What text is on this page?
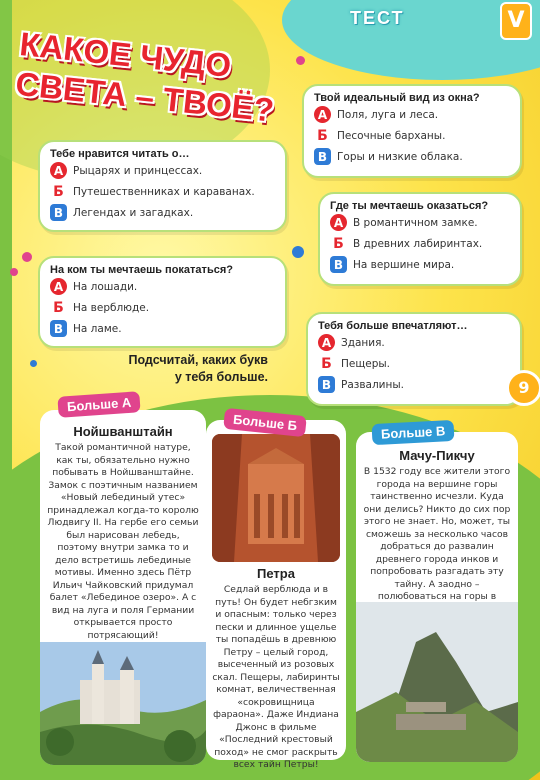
ТЕСТ	V
КАКОЕ ЧУДО СВЕТА – ТВОЁ?
Тебе нравится читать о…
А Рыцарях и принцессах.
Б Путешественниках и караванах.
В Легендах и загадках.
Твой идеальный вид из окна?
А Поля, луга и леса.
Б Песочные барханы.
В Горы и низкие облака.
Где ты мечтаешь оказаться?
А В романтичном замке.
Б В древних лабиринтах.
В На вершине мира.
На ком ты мечтаешь покататься?
А На лошади.
Б На верблюде.
В На ламе.	Тебя больше впечатляют…
А Здания.
Б Пещеры.
В Развалины.
Подсчитай, каких букв у тебя больше.
9
Нойшванштайн
Такой романтичной натуре, как ты, обязательно нужно побывать в Нойшванштайне. Замок с поэтичным названием «Новый лебединый утес» принадлежал когда-то королю Людвигу II. На гербе его семьи был нарисован лебедь, поэтому внутри замка то и дело встретишь лебединые мотивы. Именно здесь Пётр Ильич Чайковский придумал балет «Лебединое озеро». А с вид на луга и поля Германии открывается просто потрясающий!
Больше А
Петра
Седлай верблюда и в путь! Он будет небгзким и опасным: только через пески и длинное ущелье ты попадёшь в древнюю Петру – целый город, высеченный из розовых скал. Пещеры, лабиринты комнат, величественная «сокровищница фараона». Даже Индиана Джонс в фильме «Последний крестовый поход» не смог раскрыть всех тайн Петры!
Больше Б
Мачу-Пикчу
В 1532 году все жители этого города на вершине горы таинственно исчезли. Куда они делись? Никто до сих пор этого не знает. Но, может, ты сможешь за несколько часов добраться до развалин древнего города инков и попробовать разгадать эту тайну. А заодно – полюбоваться на горы в
Больше В
